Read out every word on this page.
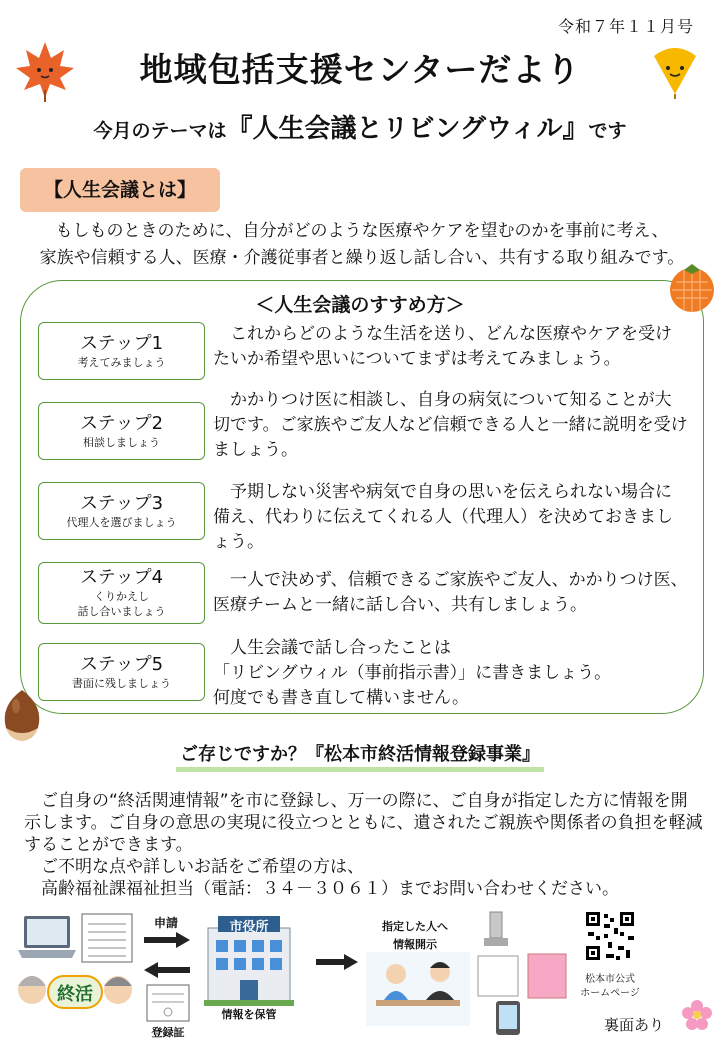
令和７年１１月号
地域包括支援センターだより
今月のテーマは『人生会議とリビングウィル』です
【人生会議とは】
もしものときのために、自分がどのような医療やケアを望むのかを事前に考え、
家族や信頼する人、医療・介護従事者と繰り返し話し合い、共有する取り組みです。
＜人生会議のすすめ方＞
ステップ1
考えてみましょう
　これからどのような生活を送り、どんな医療やケアを受けたいか希望や思いについてまずは考えてみましょう。
ステップ2
相談しましょう
　かかりつけ医に相談し、自身の病気について知ることが大切です。ご家族やご友人など信頼できる人と一緒に説明を受けましょう。
ステップ3
代理人を選びましょう
　予期しない災害や病気で自身の思いを伝えられない場合に備え、代わりに伝えてくれる人（代理人）を決めておきましょう。
ステップ4
くりかえし
話し合いましょう
　一人で決めず、信頼できるご家族やご友人、かかりつけ医、医療チームと一緒に話し合い、共有しましょう。
ステップ5
書面に残しましょう
　人生会議で話し合ったことは
「リビングウィル（事前指示書）」に書きましょう。
何度でも書き直して構いません。
ご存じですか？『松本市終活情報登録事業』

　ご自身の“終活関連情報”を市に登録し、万一の際に、ご自身が指定した方に情報を開示します。ご自身の意思の実現に役立つとともに、遺されたご親族や関係者の負担を軽減することができます。

　ご不明な点や詳しいお話をご希望の方は、

　高齢福祉課福祉担当（電話：３４－３０６１）までお問い合わせください。

申請
終活
登録証
市役所
情報を保管
指定した人へ
情報開示
松本市公式
ホームページ
裏面あり
